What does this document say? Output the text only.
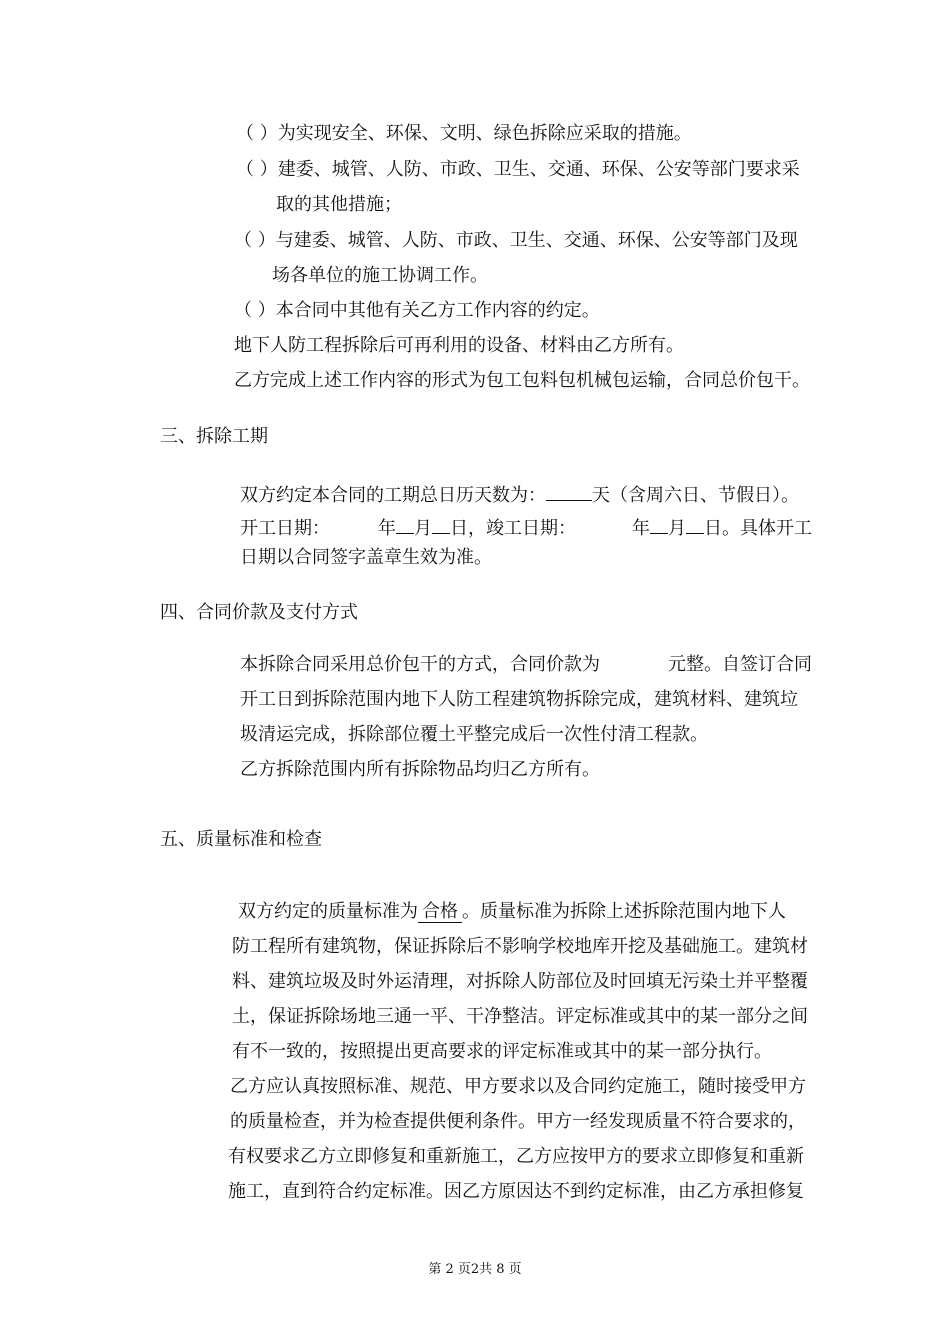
（ ）为实现安全、环保、文明、绿色拆除应采取的措施。
（ ）建委、城管、人防、市政、卫生、交通、环保、公安等部门要求采
取的其他措施；
（ ）与建委、城管、人防、市政、卫生、交通、环保、公安等部门及现
场各单位的施工协调工作。
（ ）本合同中其他有关乙方工作内容的约定。
地下人防工程拆除后可再利用的设备、材料由乙方所有。
乙方完成上述工作内容的形式为包工包料包机械包运输，合同总价包干。
三、拆除工期
双方约定本合同的工期总日历天数为：	天（含周六日、节假日）。
开工日期：	年 月 日，竣工日期：	年 月 日。具体开工
日期以合同签字盖章生效为准。
四、合同价款及支付方式
本拆除合同采用总价包干的方式，合同价款为	元整。自签订合同
开工日到拆除范围内地下人防工程建筑物拆除完成，建筑材料、建筑垃
圾清运完成，拆除部位覆土平整完成后一次性付清工程款。
乙方拆除范围内所有拆除物品均归乙方所有。
五、质量标准和检查
双方约定的质量标准为 合格 。质量标准为拆除上述拆除范围内地下人
防工程所有建筑物，保证拆除后不影响学校地库开挖及基础施工。建筑材
料、建筑垃圾及时外运清理，对拆除人防部位及时回填无污染土并平整覆
土，保证拆除场地三通一平、干净整洁。评定标准或其中的某一部分之间
有不一致的，按照提出更高要求的评定标准或其中的某一部分执行。
乙方应认真按照标准、规范、甲方要求以及合同约定施工，随时接受甲方
的质量检查，并为检查提供便利条件。甲方一经发现质量不符合要求的，
有权要求乙方立即修复和重新施工，乙方应按甲方的要求立即修复和重新
施工，直到符合约定标准。因乙方原因达不到约定标准，由乙方承担修复
第 2 页2共 8 页
